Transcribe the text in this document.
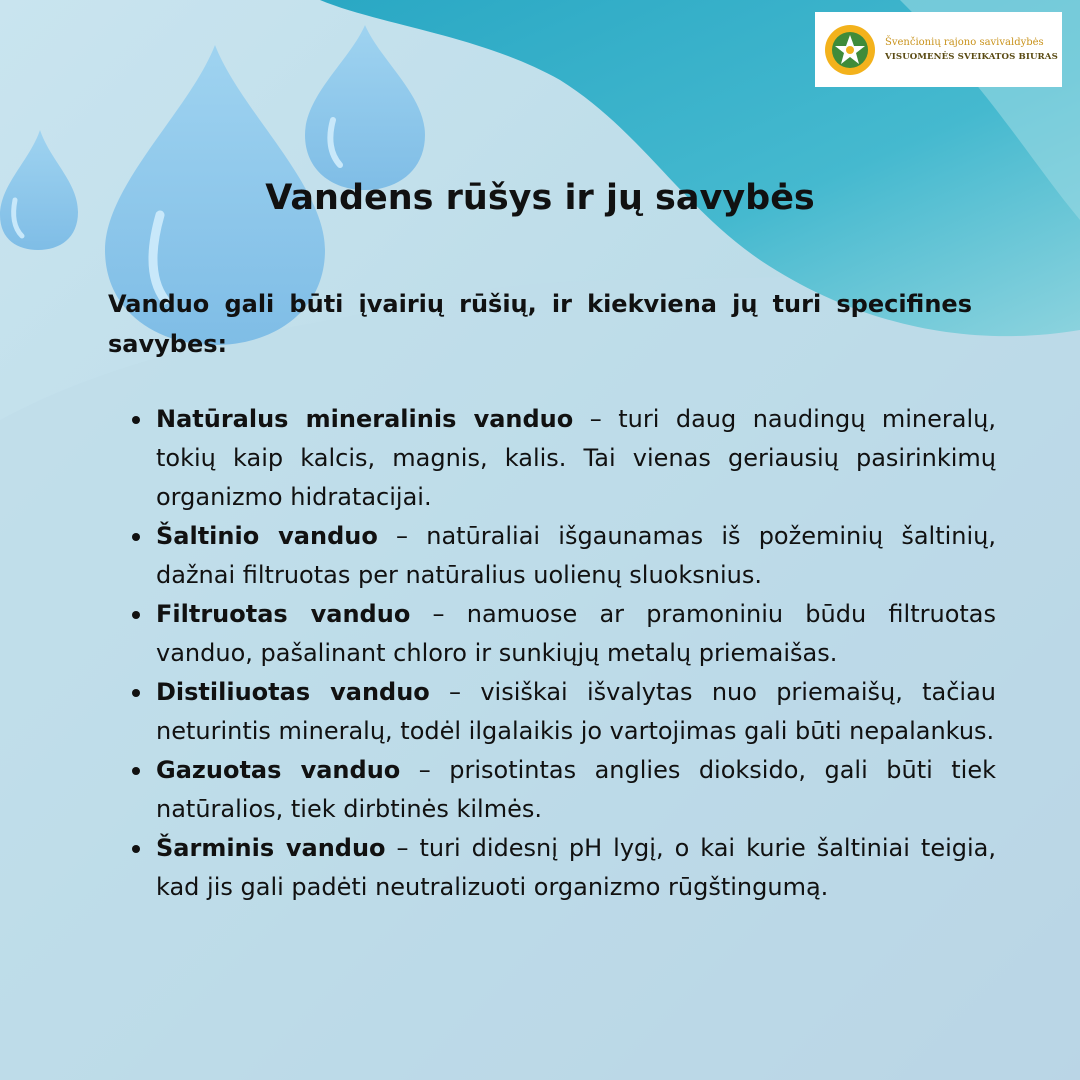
Švenčionių rajono savivaldybės
VISUOMENĖS SVEIKATOS BIURAS
Vandens rūšys ir jų savybės

Vanduo gali būti įvairių rūšių, ir kiekviena jų turi specifines savybes:

Natūralus mineralinis vanduo – turi daug naudingų mineralų, tokių kaip kalcis, magnis, kalis. Tai vienas geriausių pasirinkimų organizmo hidratacijai.
Šaltinio vanduo – natūraliai išgaunamas iš požeminių šaltinių, dažnai filtruotas per natūralius uolienų sluoksnius.
Filtruotas vanduo – namuose ar pramoniniu būdu filtruotas vanduo, pašalinant chloro ir sunkiųjų metalų priemaišas.
Distiliuotas vanduo – visiškai išvalytas nuo priemaišų, tačiau neturintis mineralų, todėl ilgalaikis jo vartojimas gali būti nepalankus.
Gazuotas vanduo – prisotintas anglies dioksido, gali būti tiek natūralios, tiek dirbtinės kilmės.
Šarminis vanduo – turi didesnį pH lygį, o kai kurie šaltiniai teigia, kad jis gali padėti neutralizuoti organizmo rūgštingumą.
